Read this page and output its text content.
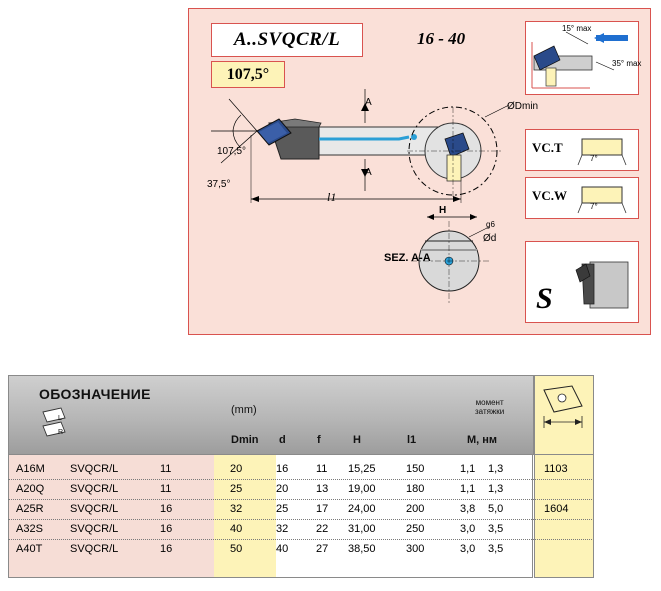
A..SVQCR/L	16 - 40
107,5°
A
A
107,5°
37,5°
l1
ØDmin
H
g6
Ød
SEZ. A-A
15° max
35° max
VC.T
7°
VC.W
7°
S
ОБОЗНАЧЕНИЕ
(mm)
момент
затяжки
L
R
Dmin d	f	H	l1	M, нм
A16M SVQCR/L	11	20	16	11 15,25	150	1,1 1,3	1103
A20Q SVQCR/L	11	25	20	13 19,00	180	1,1 1,3
A25R SVQCR/L	16	32	25	17 24,00	200	3,8 5,0	1604
A32S SVQCR/L	16	40	32	22 31,00	250	3,0 3,5
A40T	SVQCR/L	16	50	40	27 38,50	300	3,0 3,5
